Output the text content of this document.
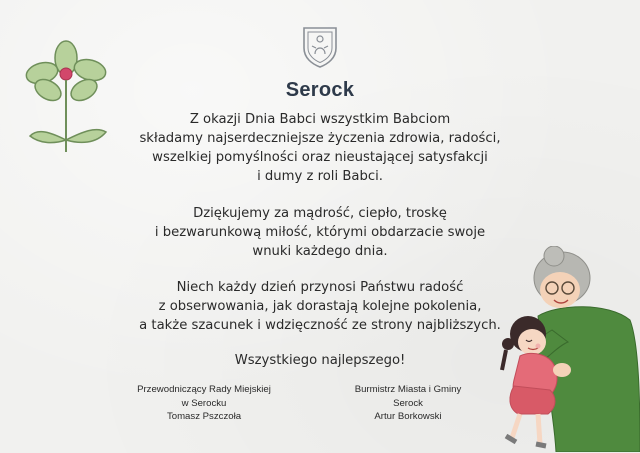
Serock
Z okazji Dnia Babci wszystkim Babciom
składamy najserdeczniejsze życzenia zdrowia, radości,
wszelkiej pomyślności oraz nieustającej satysfakcji
i dumy z roli Babci.
Dziękujemy za mądrość, ciepło, troskę
i bezwarunkową miłość, którymi obdarzacie swoje
wnuki każdego dnia.
Niech każdy dzień przynosi Państwu radość
z obserwowania, jak dorastają kolejne pokolenia,
a także szacunek i wdzięczność ze strony najbliższych.
Wszystkiego najlepszego!
Przewodniczący Rady Miejskiej
w Serocku
Tomasz Pszczoła
Burmistrz Miasta i Gminy
Serock
Artur Borkowski
